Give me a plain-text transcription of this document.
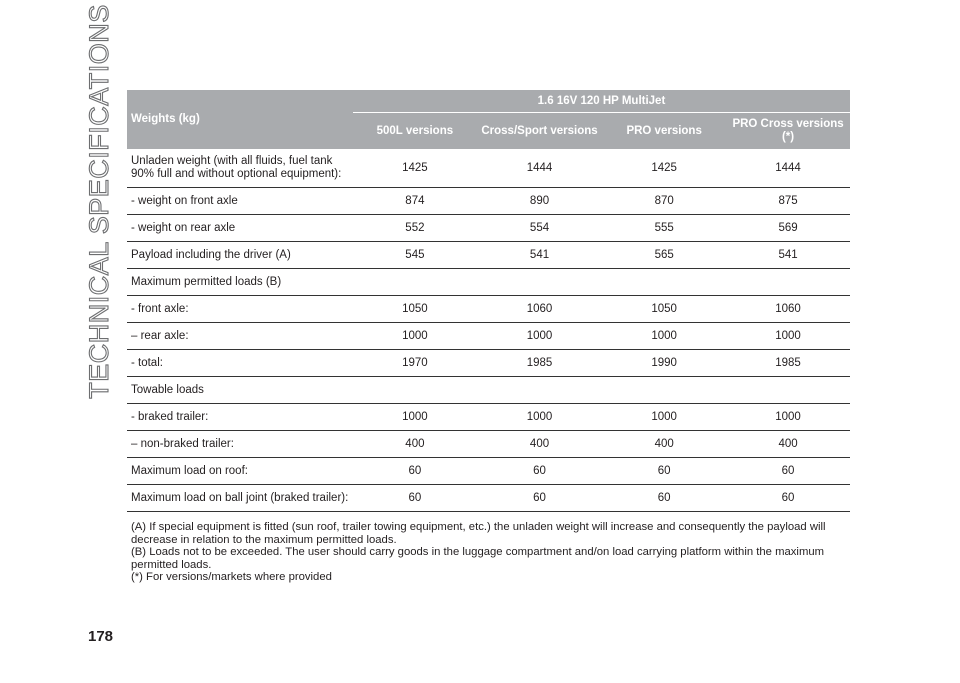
TECHNICAL SPECIFICATIONS Weights (kg)	1.6 16V 120 HP MultiJet			
	500L versions	Cross/Sport versions	PRO versions	PRO Cross versions (*)
Unladen weight (with all fluids, fuel tank 90% full and without optional equipment):	1425	1444	1425	1444
- weight on front axle	874	890	870	875
- weight on rear axle	552	554	555	569
Payload including the driver (A)	545	541	565	541
Maximum permitted loads (B)				
- front axle:	1050	1060	1050	1060
– rear axle:	1000	1000	1000	1000
- total:	1970	1985	1990	1985
Towable loads				
- braked trailer:	1000	1000	1000	1000
– non-braked trailer:	400	400	400	400
Maximum load on roof:	60	60	60	60
Maximum load on ball joint (braked trailer):	60	60	60	60

(A) If special equipment is fitted (sun roof, trailer towing equipment, etc.) the unladen weight will increase and consequently the payload will decrease in relation to the maximum permitted loads.

(B) Loads not to be exceeded. The user should carry goods in the luggage compartment and/on load carrying platform within the maximum permitted loads.

(*) For versions/markets where provided

178
